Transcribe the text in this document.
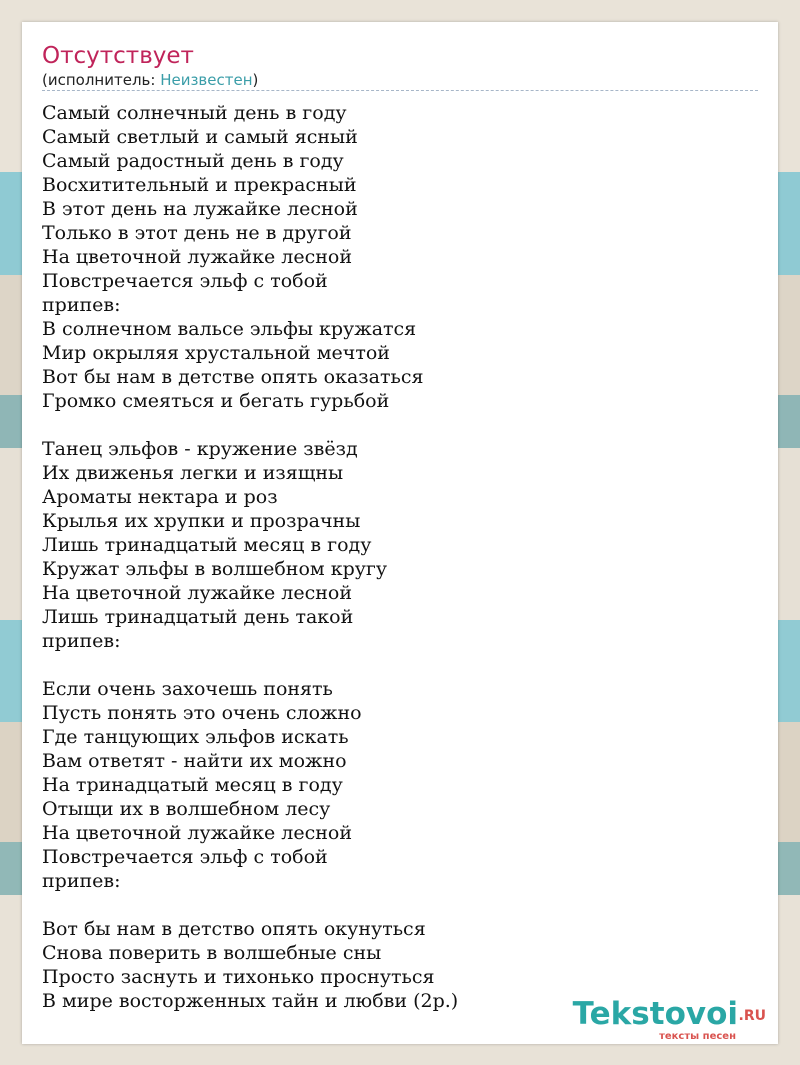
Отсутствует
(исполнитель: Неизвестен)
Самый солнечный день в году
Самый светлый и самый ясный
Самый радостный день в году
Восхитительный и прекрасный
В этот день на лужайке лесной
Только в этот день не в другой
На цветочной лужайке лесной
Повстречается эльф с тобой
припев:
В солнечном вальсе эльфы кружатся
Мир окрыляя хрустальной мечтой
Вот бы нам в детстве опять оказаться
Громко смеяться и бегать гурьбой
Танец эльфов - кружение звёзд
Их движенья легки и изящны
Ароматы нектара и роз
Крылья их хрупки и прозрачны
Лишь тринадцатый месяц в году
Кружат эльфы в волшебном кругу
На цветочной лужайке лесной
Лишь тринадцатый день такой
припев:
Если очень захочешь понять
Пусть понять это очень сложно
Где танцующих эльфов искать
Вам ответят - найти их можно
На тринадцатый месяц в году
Отыщи их в волшебном лесу
На цветочной лужайке лесной
Повстречается эльф с тобой
припев:
Вот бы нам в детство опять окунуться
Снова поверить в волшебные сны
Просто заснуть и тихонько проснуться
В мире восторженных тайн и любви (2р.)	Tekstovoi .RU
тексты песен
